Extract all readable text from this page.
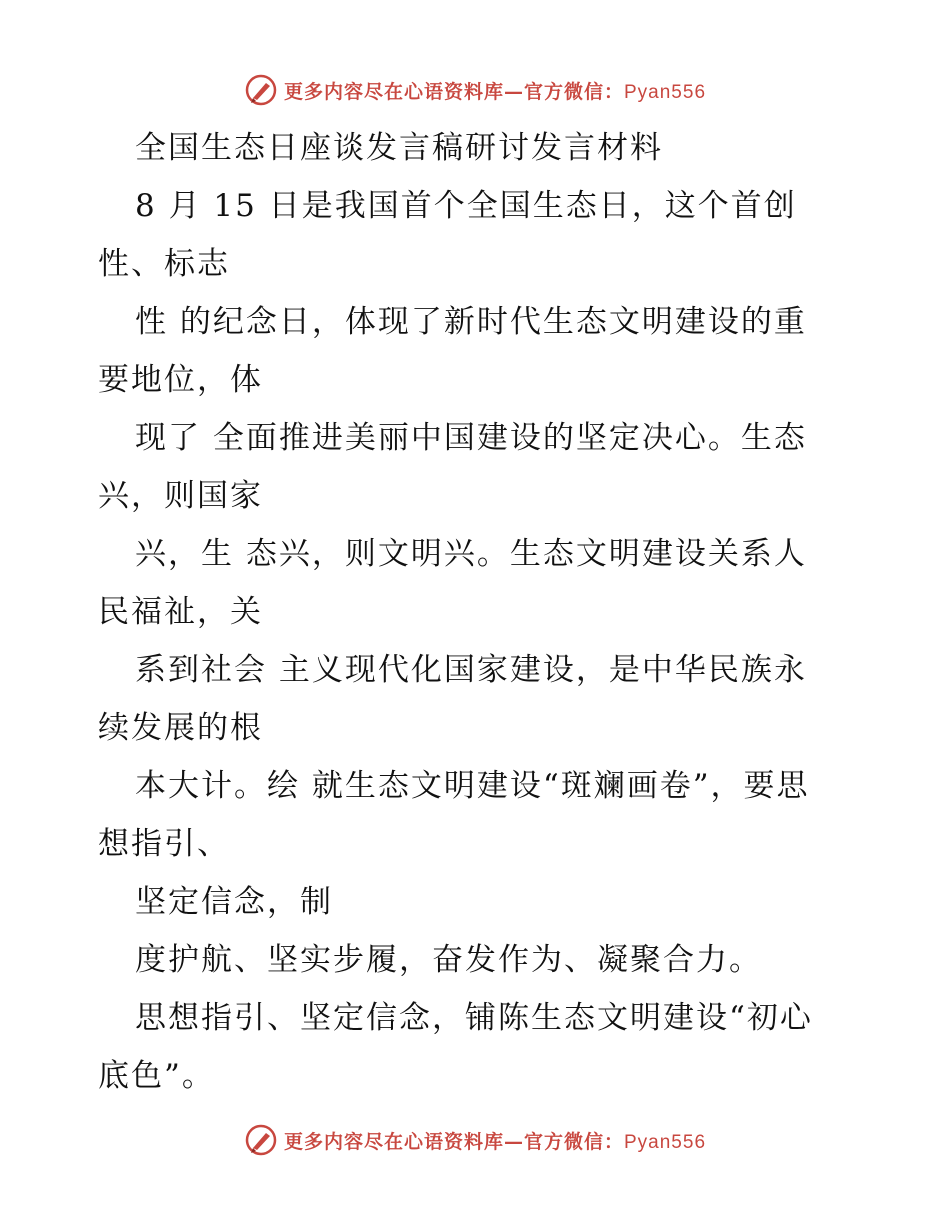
更多内容尽在心语资料库—官方微信：Pyan556
全国生态日座谈发言稿研讨发言材料
8 月 15 日是我国首个全国生态日，这个首创
性、标志
性 的纪念日，体现了新时代生态文明建设的重
要地位，体
现了 全面推进美丽中国建设的坚定决心。生态
兴，则国家
兴，生 态兴，则文明兴。生态文明建设关系人
民福祉，关
系到社会 主义现代化国家建设，是中华民族永
续发展的根
本大计。绘 就生态文明建设“斑斓画卷”，要思
想指引、
坚定信念，制
度护航、坚实步履，奋发作为、凝聚合力。
思想指引、坚定信念，铺陈生态文明建设“初心
底色”。
更多内容尽在心语资料库—官方微信：Pyan556
